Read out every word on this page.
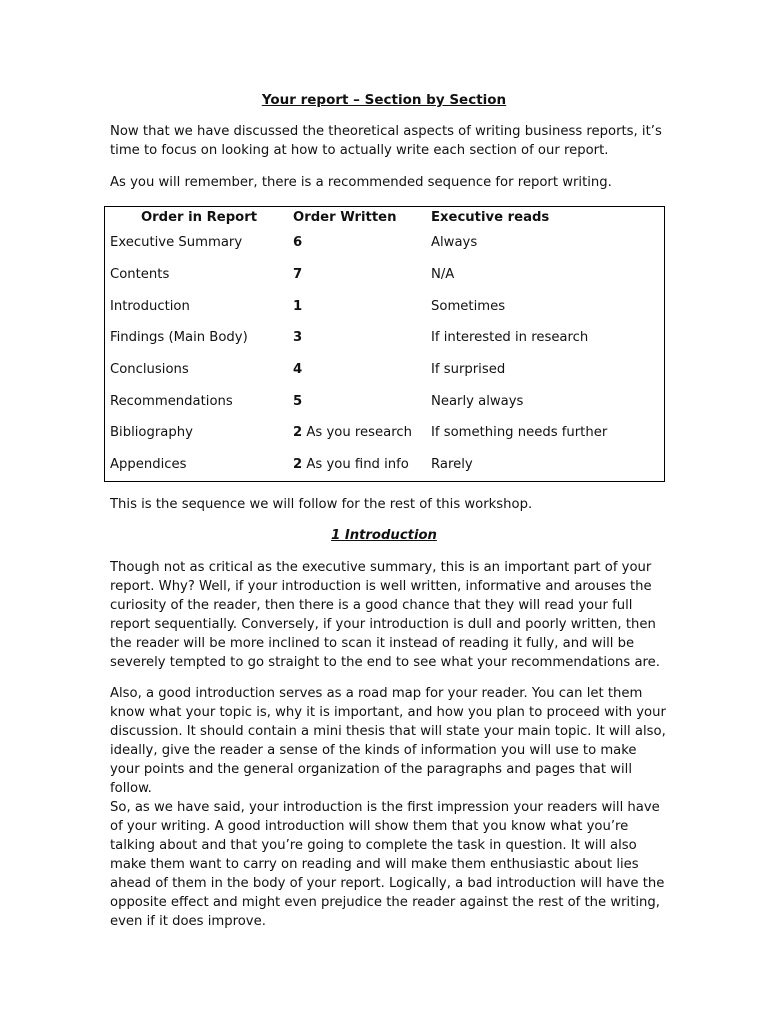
Your report – Section by Section

Now that we have discussed the theoretical aspects of writing business reports, it’s time to focus on looking at how to actually write each section of our report.

As you will remember, there is a recommended sequence for report writing.

Order in Report	Order Written	Executive reads
Executive Summary	6	Always
Contents	7	N/A
Introduction	1	Sometimes
Findings (Main Body)	3	If interested in research
Conclusions	4	If surprised
Recommendations	5	Nearly always
Bibliography	2 As you research	If something needs further
Appendices	2 As you find info	Rarely

This is the sequence we will follow for the rest of this workshop.

1 Introduction

Though not as critical as the executive summary, this is an important part of your report. Why? Well, if your introduction is well written, informative and arouses the curiosity of the reader, then there is a good chance that they will read your full report sequentially. Conversely, if your introduction is dull and poorly written, then the reader will be more inclined to scan it instead of reading it fully, and will be severely tempted to go straight to the end to see what your recommendations are.

Also, a good introduction serves as a road map for your reader. You can let them know what your topic is, why it is important, and how you plan to proceed with your discussion. It should contain a mini thesis that will state your main topic. It will also, ideally, give the reader a sense of the kinds of information you will use to make your points and the general organization of the paragraphs and pages that will follow.

So, as we have said, your introduction is the first impression your readers will have of your writing. A good introduction will show them that you know what you’re talking about and that you’re going to complete the task in question. It will also make them want to carry on reading and will make them enthusiastic about lies ahead of them in the body of your report. Logically, a bad introduction will have the opposite effect and might even prejudice the reader against the rest of the writing, even if it does improve.
